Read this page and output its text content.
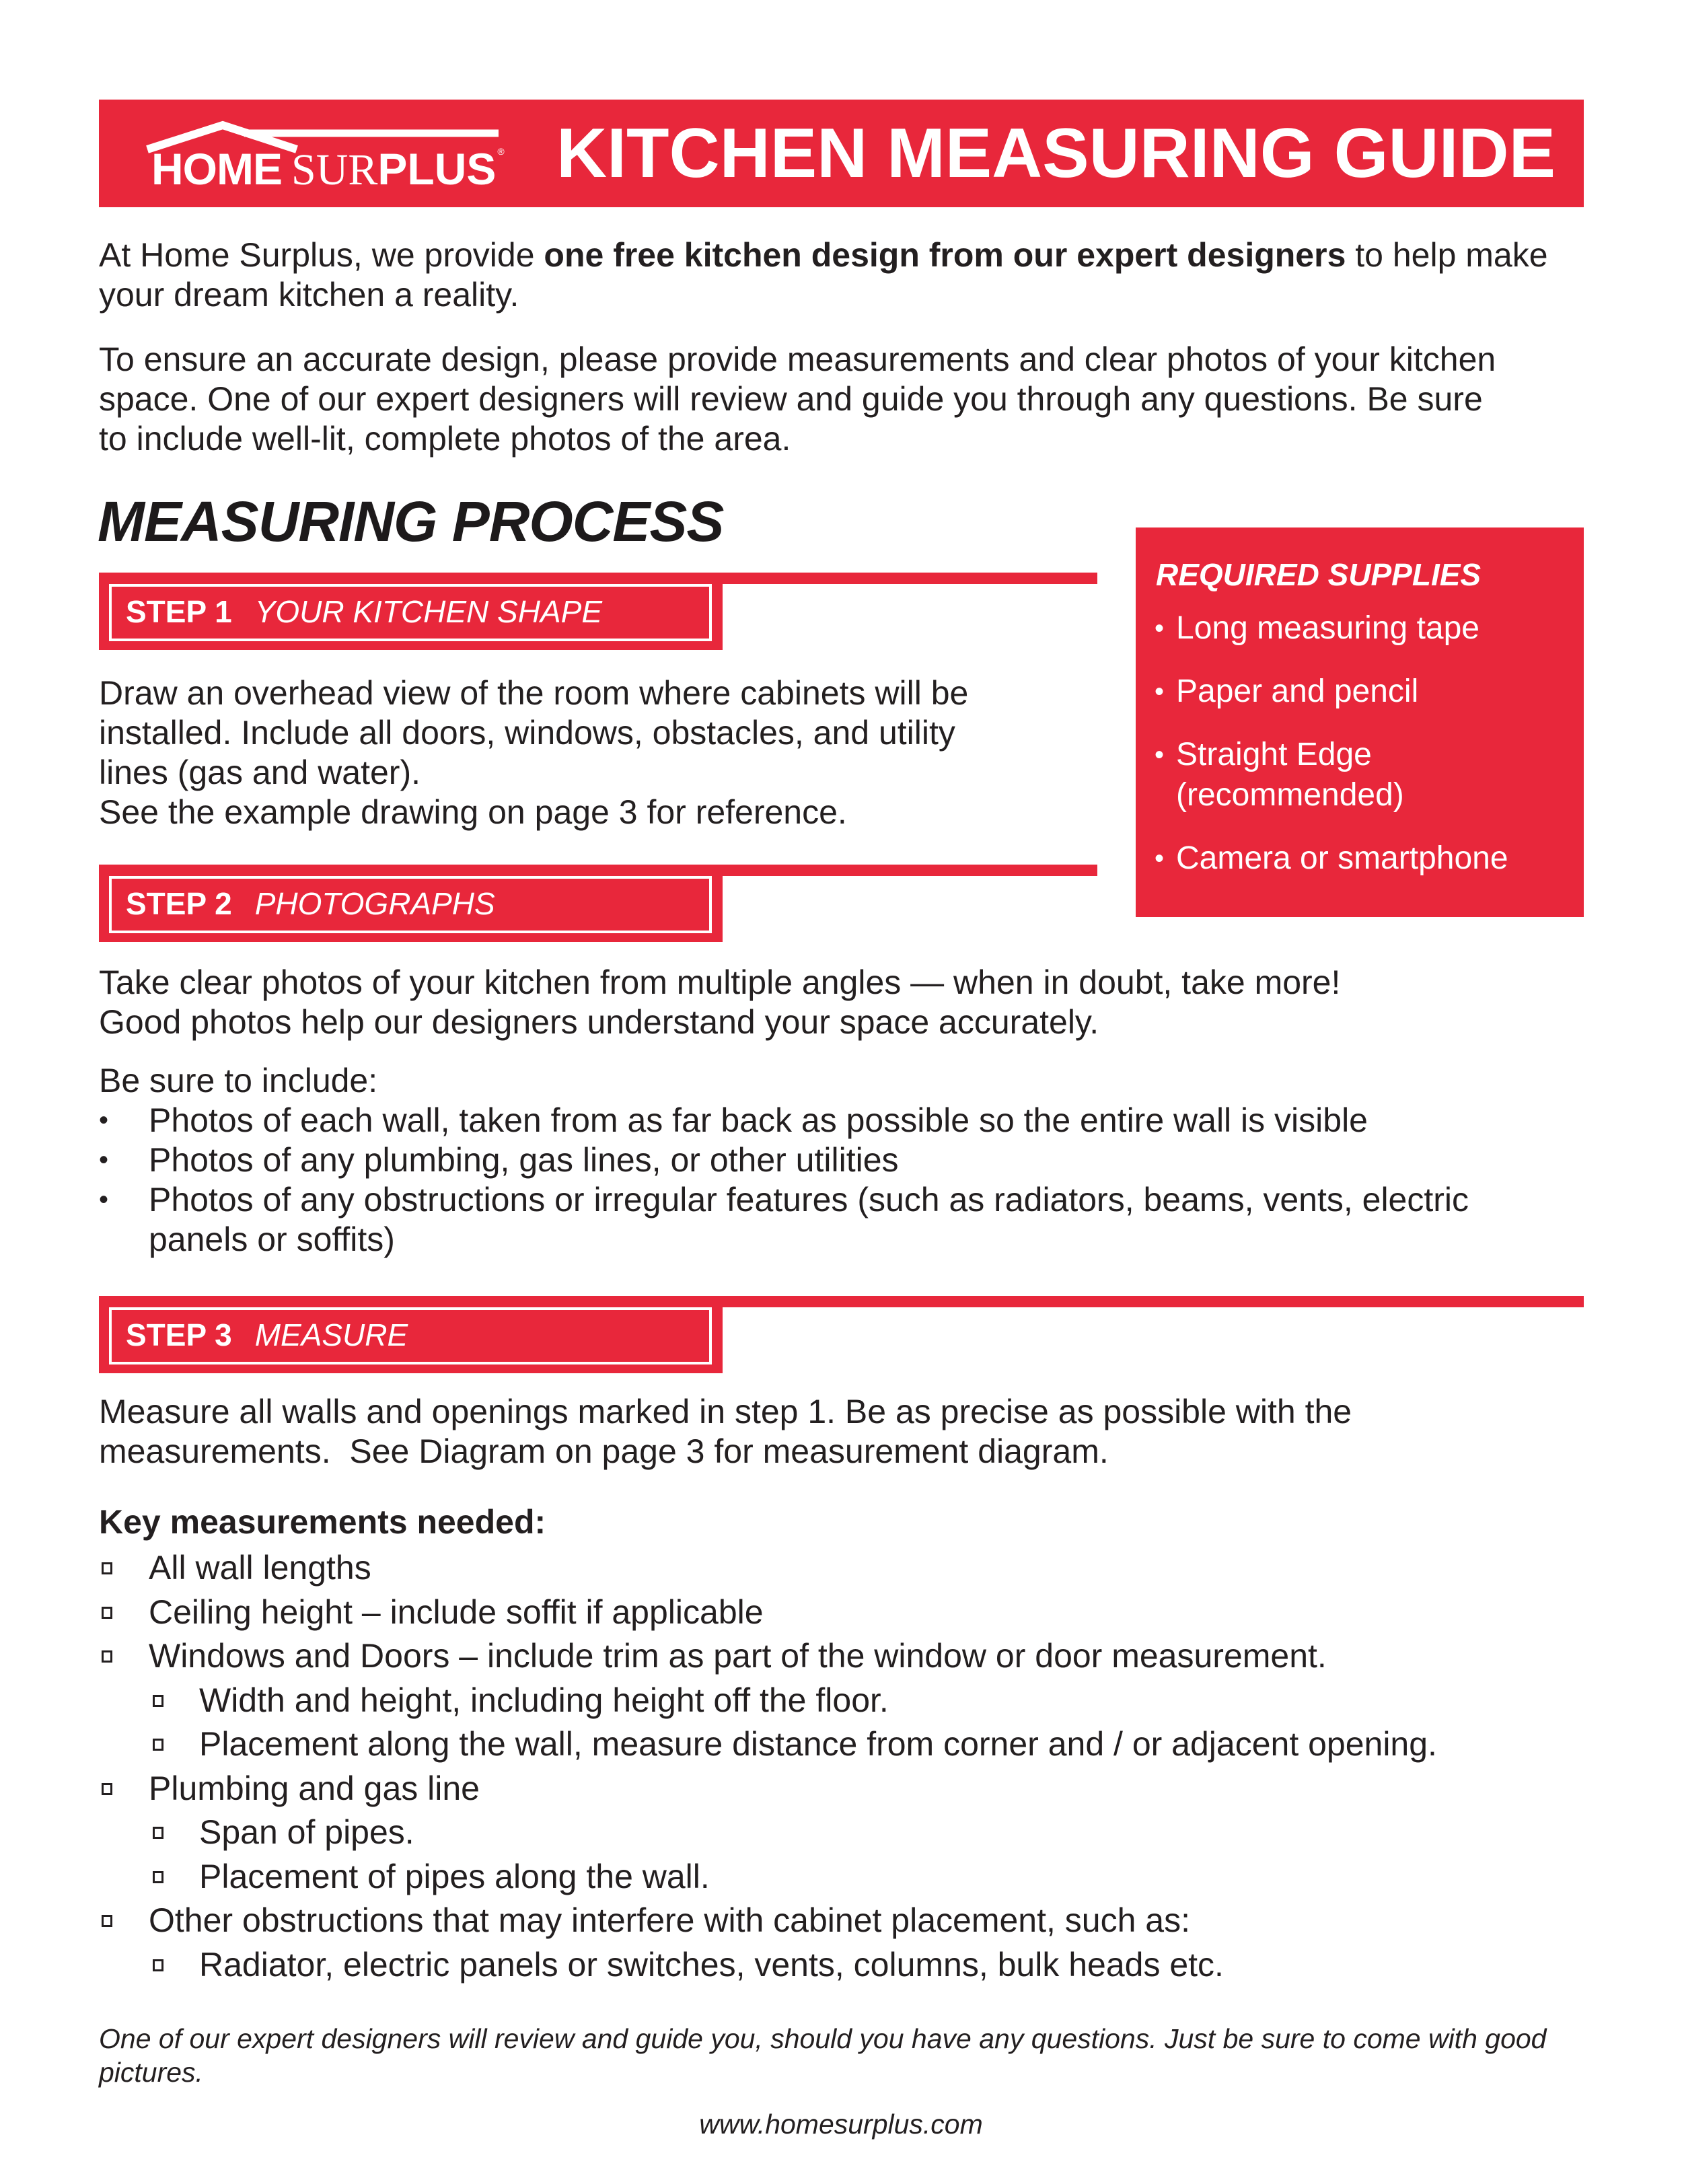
HOME SURPLUS ® KITCHEN MEASURING GUIDE
At Home Surplus, we provide one free kitchen design from our expert designers to help make your dream kitchen a reality.
To ensure an accurate design, please provide measurements and clear photos of your kitchen space. One of our expert designers will review and guide you through any questions. Be sure to include well-lit, complete photos of the area.
MEASURING PROCESS
REQUIRED SUPPLIES
• Long measuring tape
• Paper and pencil
• Straight Edge (recommended)
• Camera or smartphone
STEP 1 YOUR KITCHEN SHAPE
Draw an overhead view of the room where cabinets will be
installed. Include all doors, windows, obstacles, and utility
lines (gas and water).
See the example drawing on page 3 for reference.
STEP 2 PHOTOGRAPHS
Take clear photos of your kitchen from multiple angles — when in doubt, take more!
Good photos help our designers understand your space accurately.
Be sure to include:
• Photos of each wall, taken from as far back as possible so the entire wall is visible
• Photos of any plumbing, gas lines, or other utilities
• Photos of any obstructions or irregular features (such as radiators, beams, vents, electric panels or soffits)
STEP 3 MEASURE
Measure all walls and openings marked in step 1. Be as precise as possible with the
measurements.  See Diagram on page 3 for measurement diagram.
Key measurements needed:
All wall lengths
Ceiling height – include soffit if applicable
Windows and Doors – include trim as part of the window or door measurement.
Width and height, including height off the floor.
Placement along the wall, measure distance from corner and / or adjacent opening.
Plumbing and gas line
Span of pipes.
Placement of pipes along the wall.
Other obstructions that may interfere with cabinet placement, such as:
Radiator, electric panels or switches, vents, columns, bulk heads etc.
One of our expert designers will review and guide you, should you have any questions. Just be sure to come with good pictures.
www.homesurplus.com
